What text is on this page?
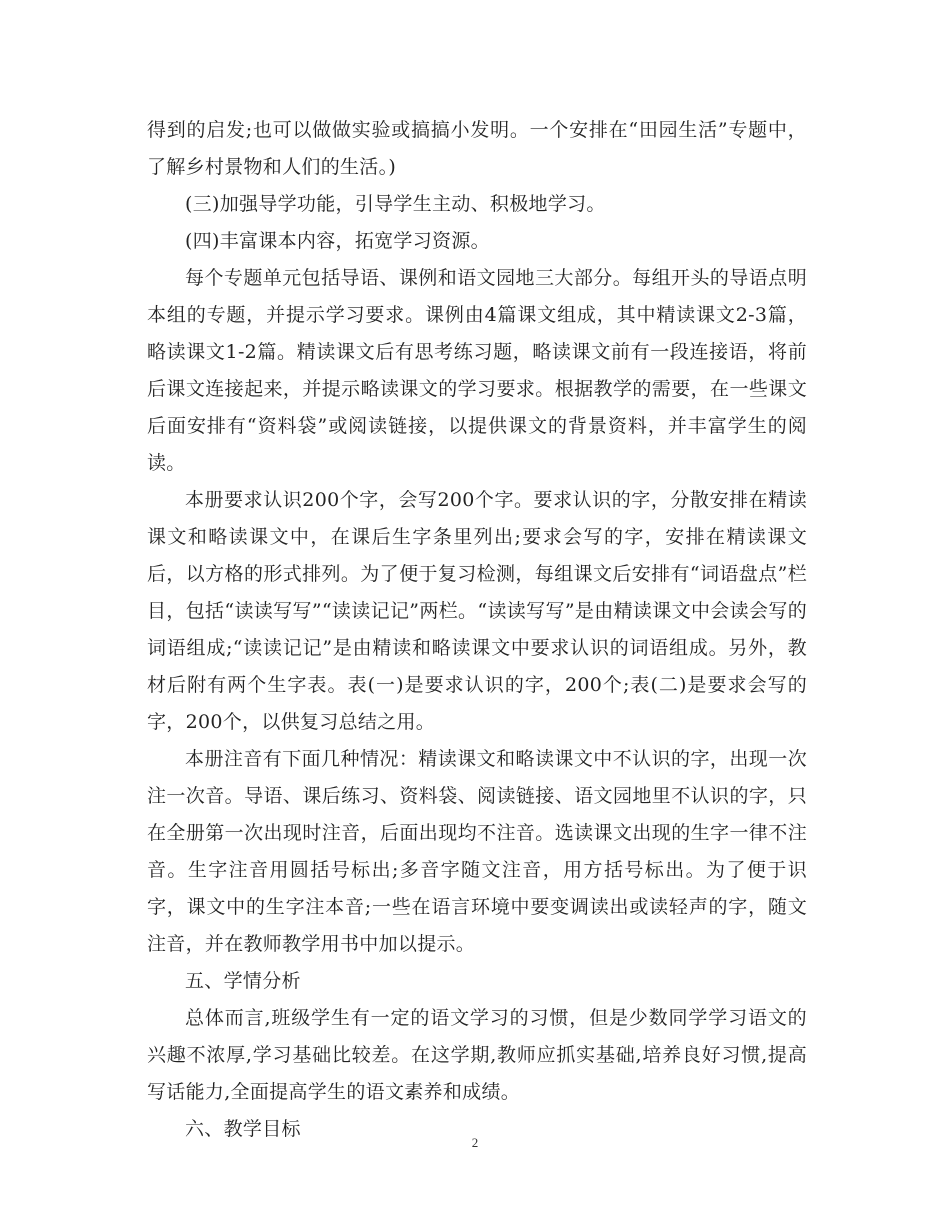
得到的启发;也可以做做实验或搞搞小发明。一个安排在“田园生活”专题中，了解乡村景物和人们的生活。)

(三)加强导学功能，引导学生主动、积极地学习。

(四)丰富课本内容，拓宽学习资源。

每个专题单元包括导语、课例和语文园地三大部分。每组开头的导语点明本组的专题，并提示学习要求。课例由4篇课文组成，其中精读课文2-3篇，略读课文1-2篇。精读课文后有思考练习题，略读课文前有一段连接语，将前后课文连接起来，并提示略读课文的学习要求。根据教学的需要，在一些课文后面安排有“资料袋”或阅读链接，以提供课文的背景资料，并丰富学生的阅读。

本册要求认识200个字，会写200个字。要求认识的字，分散安排在精读课文和略读课文中，在课后生字条里列出;要求会写的字，安排在精读课文后，以方格的形式排列。为了便于复习检测，每组课文后安排有“词语盘点”栏目，包括“读读写写”“读读记记”两栏。“读读写写”是由精读课文中会读会写的词语组成;“读读记记”是由精读和略读课文中要求认识的词语组成。另外，教材后附有两个生字表。表(一)是要求认识的字，200个;表(二)是要求会写的字，200个，以供复习总结之用。

本册注音有下面几种情况：精读课文和略读课文中不认识的字，出现一次注一次音。导语、课后练习、资料袋、阅读链接、语文园地里不认识的字，只在全册第一次出现时注音，后面出现均不注音。选读课文出现的生字一律不注音。生字注音用圆括号标出;多音字随文注音，用方括号标出。为了便于识字，课文中的生字注本音;一些在语言环境中要变调读出或读轻声的字，随文注音，并在教师教学用书中加以提示。

五、学情分析

总体而言,班级学生有一定的语文学习的习惯，但是少数同学学习语文的兴趣不浓厚,学习基础比较差。在这学期,教师应抓实基础,培养良好习惯,提高写话能力,全面提高学生的语文素养和成绩。

六、教学目标

2
